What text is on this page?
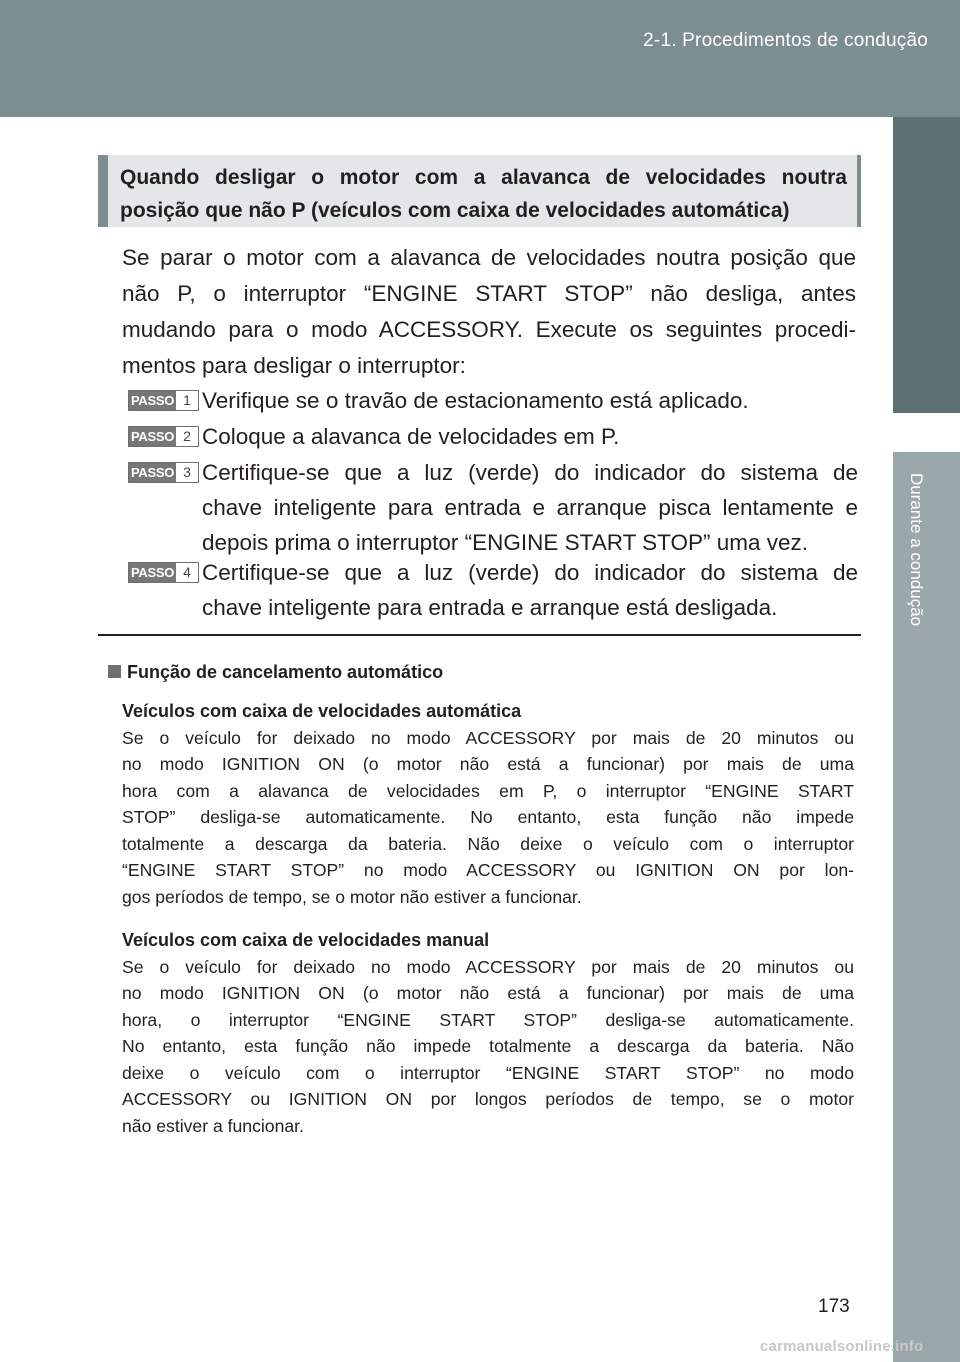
2-1. Procedimentos de condução
2
Durante a condução

Quando desligar o motor com a alavanca de velocidades noutra

posição que não P (veículos com caixa de velocidades automática)

Se parar o motor com a alavanca de velocidades noutra posição que
não P, o interruptor “ENGINE START STOP” não desliga, antes
mudando para o modo ACCESSORY. Execute os seguintes procedi-
mentos para desligar o interruptor:
PASSO 1 Verifique se o travão de estacionamento está aplicado.
PASSO 2 Coloque a alavanca de velocidades em P.
PASSO 3 Certifique-se que a luz (verde) do indicador do sistema de
chave inteligente para entrada e arranque pisca lentamente e
depois prima o interruptor “ENGINE START STOP” uma vez.
PASSO 4 Certifique-se que a luz (verde) do indicador do sistema de
chave inteligente para entrada e arranque está desligada.
Função de cancelamento automático
Veículos com caixa de velocidades automática
Se o veículo for deixado no modo ACCESSORY por mais de 20 minutos ou
no modo IGNITION ON (o motor não está a funcionar) por mais de uma
hora com a alavanca de velocidades em P, o interruptor “ENGINE START
STOP” desliga-se automaticamente. No entanto, esta função não impede
totalmente a descarga da bateria. Não deixe o veículo com o interruptor
“ENGINE START STOP” no modo ACCESSORY ou IGNITION ON por lon-
gos períodos de tempo, se o motor não estiver a funcionar.
Veículos com caixa de velocidades manual
Se o veículo for deixado no modo ACCESSORY por mais de 20 minutos ou
no modo IGNITION ON (o motor não está a funcionar) por mais de uma
hora, o interruptor “ENGINE START STOP” desliga-se automaticamente.
No entanto, esta função não impede totalmente a descarga da bateria. Não
deixe o veículo com o interruptor “ENGINE START STOP” no modo
ACCESSORY ou IGNITION ON por longos períodos de tempo, se o motor
não estiver a funcionar.
173
carmanualsonline.info
